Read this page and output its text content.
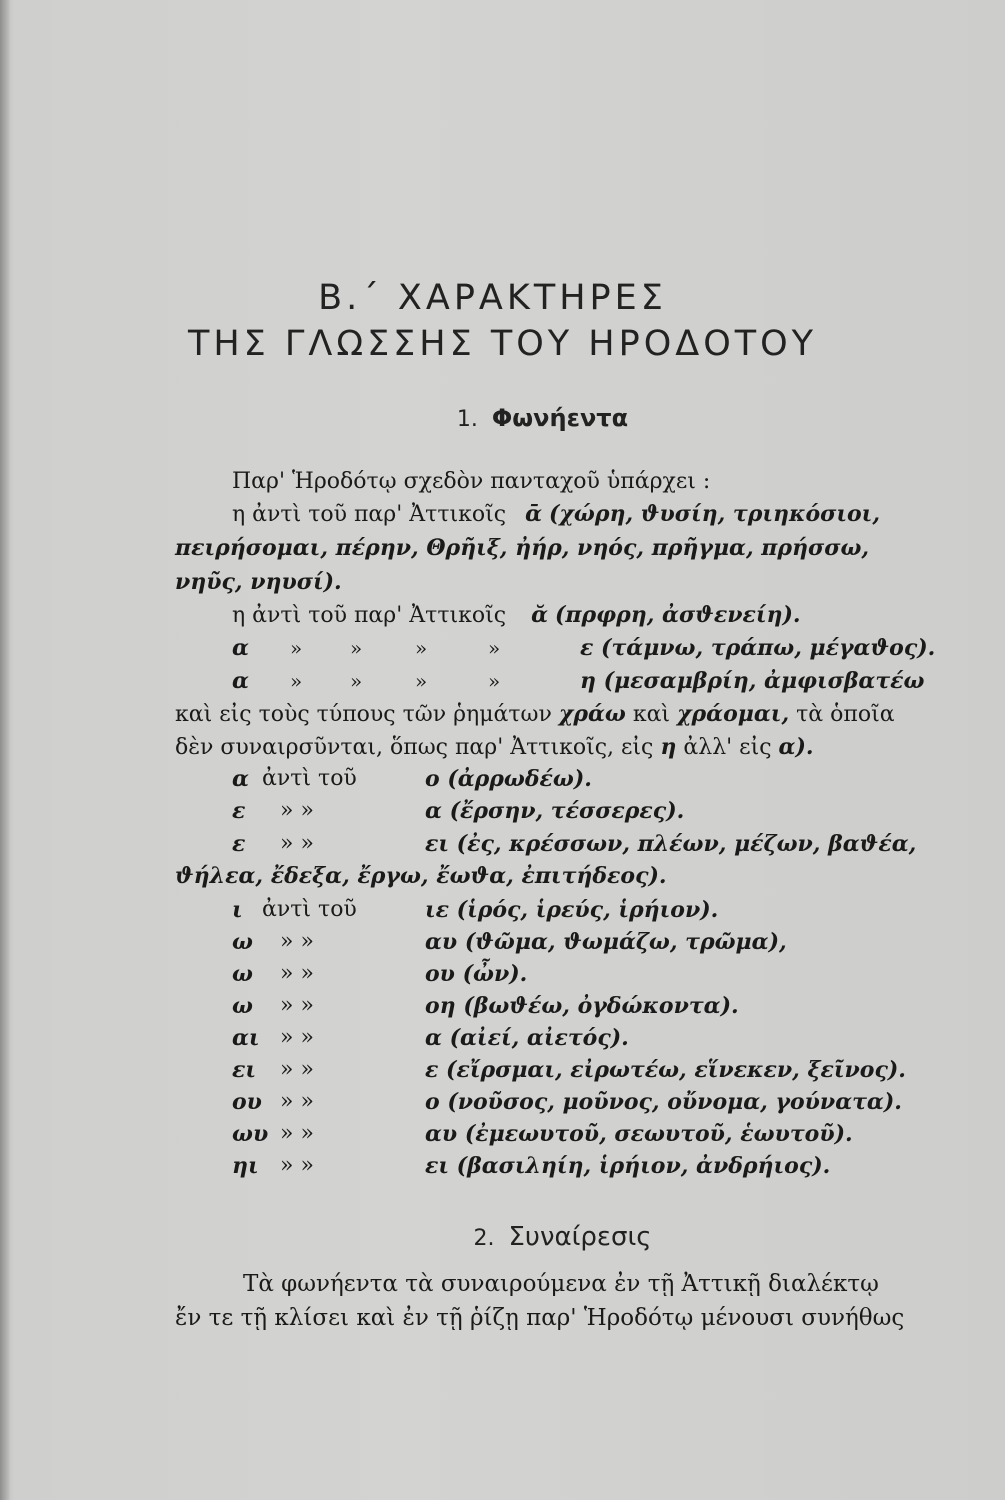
Β.΄ ΧΑΡΑΚΤΗΡΕΣ
ΤΗΣ ΓΛΩΣΣΗΣ ΤΟΥ ΗΡΟΔΟΤΟΥ
1. Φωνήεντα
Παρ' Ἡροδότῳ σχεδὸν πανταχοῦ ὑπάρχει :
η ἀντὶ τοῦ παρ' Ἀττικοῖς ᾱ (χώρη, ϑυσίη, τριηκόσιοι,
πειρήσομαι, πέρην, Θρῆιξ, ἠήρ, νηός, πρῆγμα, πρήσσω,
νηῦς, νηυσί).
η ἀντὶ τοῦ παρ' Ἀττικοῖς ᾰ (πρφρη, ἀσϑενείη).
α » »	»	»	ε (τάμνω, τράπω, μέγαϑος).
α » »	»	»	η (μεσαμβρίη, ἀμφισβατέω
καὶ εἰς τοὺς τύπους τῶν ῥημάτων χράω καὶ χράομαι, τὰ ὁποῖα
δὲν συναιρσῦνται, ὅπως παρ' Ἀττικοῖς, εἰς η ἀλλ' εἰς α).
α ἀντὶ τοῦ	ο (ἀρρωδέω).
ε » »	α (ἔρσην, τέσσερες).
ε » »	ει (ἐς, κρέσσων, πλέων, μέζων, βαϑέα,
ϑήλεα, ἔδεξα, ἔργω, ἔωϑα, ἐπιτήδεος).
ι ἀντὶ τοῦ	ιε (ἱρός, ἱρεύς, ἱρήιον).
ω » »	αυ (ϑῶμα, ϑωμάζω, τρῶμα),
ω » »	ου (ὦν).
ω » »	οη (βωϑέω, ὀγδώκοντα).
αι » »	α (αἰεί, αἰετός).
ει » »	ε (εἴρσμαι, εἰρωτέω, εἵνεκεν, ξεῖνος).
ου » »	ο (νοῦσος, μοῦνος, οὔνομα, γούνατα).
ωυ » »	αυ (ἐμεωυτοῦ, σεωυτοῦ, ἑωυτοῦ).
ηι » »	ει (βασιληίη, ἱρήιον, ἀνδρήιος).
2. Συναίρεσις
Τὰ φωνήεντα τὰ συναιρούμενα ἐν τῇ Ἀττικῇ διαλέκτῳ
ἔν τε τῇ κλίσει καὶ ἐν τῇ ῥίζῃ παρ' Ἡροδότῳ μένουσι συνήθως
